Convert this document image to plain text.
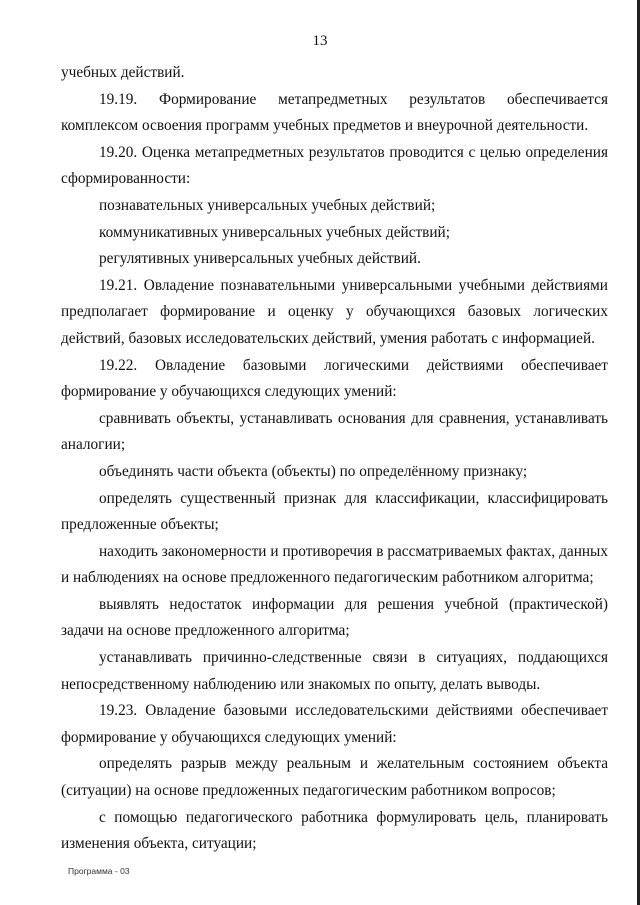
13

учебных действий.

19.19. Формирование метапредметных результатов обеспечивается комплексом освоения программ учебных предметов и внеурочной деятельности.

19.20. Оценка метапредметных результатов проводится с целью определения сформированности:

познавательных универсальных учебных действий;

коммуникативных универсальных учебных действий;

регулятивных универсальных учебных действий.

19.21. Овладение познавательными универсальными учебными действиями предполагает формирование и оценку у обучающихся базовых логических действий, базовых исследовательских действий, умения работать с информацией.

19.22. Овладение базовыми логическими действиями обеспечивает формирование у обучающихся следующих умений:

сравнивать объекты, устанавливать основания для сравнения, устанавливать аналогии;

объединять части объекта (объекты) по определённому признаку;

определять существенный признак для классификации, классифицировать предложенные объекты;

находить закономерности и противоречия в рассматриваемых фактах, данных и наблюдениях на основе предложенного педагогическим работником алгоритма;

выявлять недостаток информации для решения учебной (практической) задачи на основе предложенного алгоритма;

устанавливать причинно-следственные связи в ситуациях, поддающихся непосредственному наблюдению или знакомых по опыту, делать выводы.

19.23. Овладение базовыми исследовательскими действиями обеспечивает формирование у обучающихся следующих умений:

определять разрыв между реальным и желательным состоянием объекта (ситуации) на основе предложенных педагогическим работником вопросов;

с помощью педагогического работника формулировать цель, планировать изменения объекта, ситуации;

Программа - 03
